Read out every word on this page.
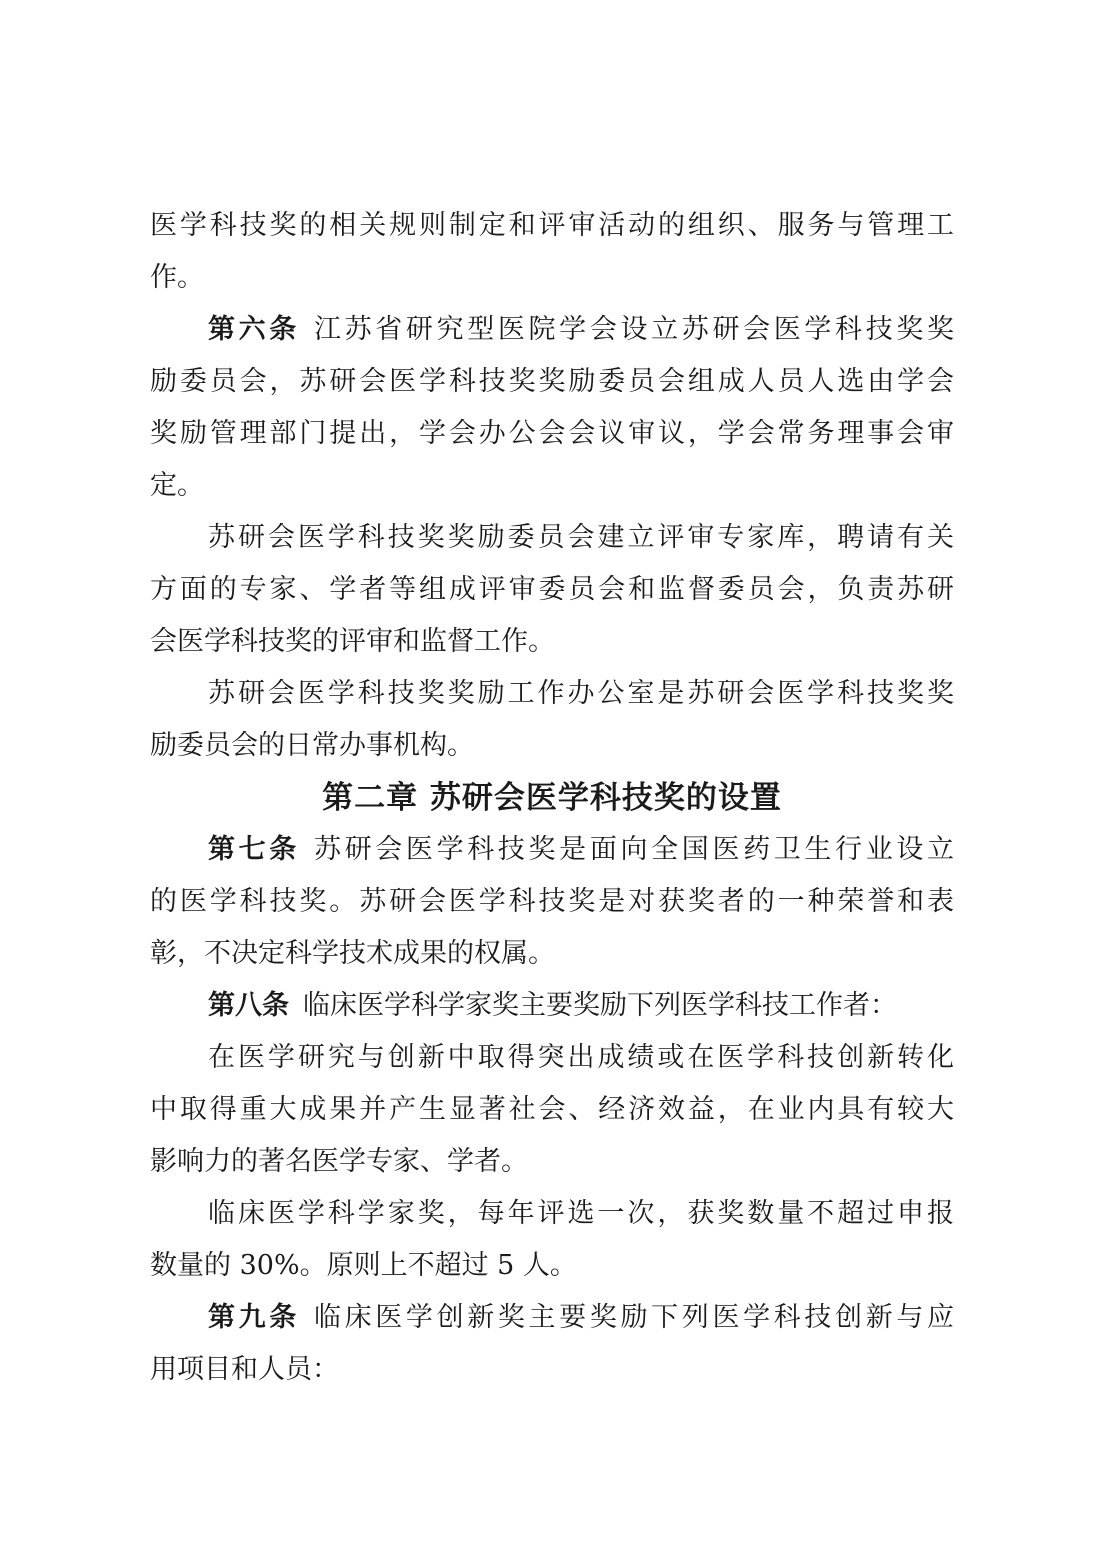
医学科技奖的相关规则制定和评审活动的组织、服务与管理工
作。
第六条 江苏省研究型医院学会设立苏研会医学科技奖奖
励委员会，苏研会医学科技奖奖励委员会组成人员人选由学会
奖励管理部门提出，学会办公会会议审议，学会常务理事会审
定。
苏研会医学科技奖奖励委员会建立评审专家库，聘请有关
方面的专家、学者等组成评审委员会和监督委员会，负责苏研
会医学科技奖的评审和监督工作。
苏研会医学科技奖奖励工作办公室是苏研会医学科技奖奖
励委员会的日常办事机构。
第二章 苏研会医学科技奖的设置
第七条 苏研会医学科技奖是面向全国医药卫生行业设立
的医学科技奖。苏研会医学科技奖是对获奖者的一种荣誉和表
彰，不决定科学技术成果的权属。
第八条 临床医学科学家奖主要奖励下列医学科技工作者：
在医学研究与创新中取得突出成绩或在医学科技创新转化
中取得重大成果并产生显著社会、经济效益，在业内具有较大
影响力的著名医学专家、学者。
临床医学科学家奖，每年评选一次，获奖数量不超过申报
数量的 30%。原则上不超过 5 人。
第九条 临床医学创新奖主要奖励下列医学科技创新与应
用项目和人员：
